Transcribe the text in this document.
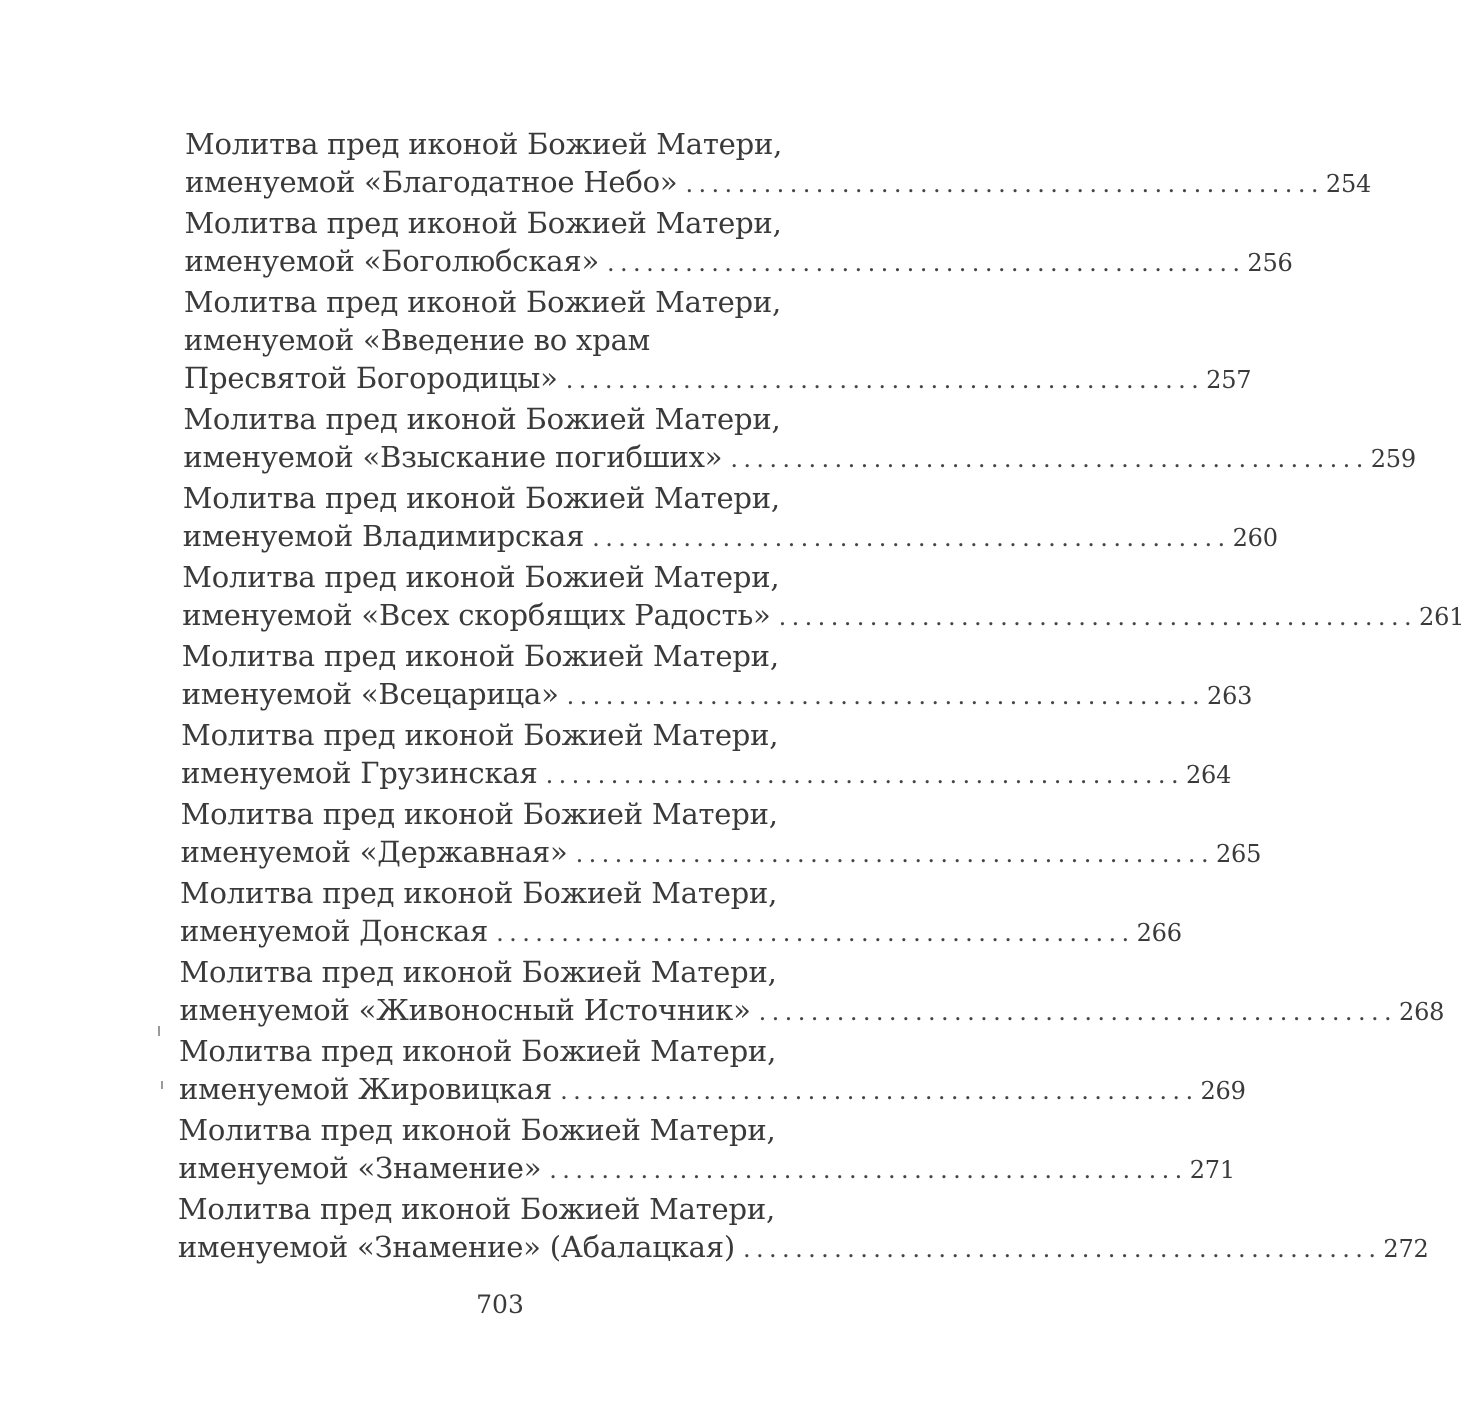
Молитва пред иконой Божией Матери,
именуемой «Благодатное Небо» ................................................. 254
Молитва пред иконой Божией Матери,
именуемой «Боголюбская» ................................................. 256
Молитва пред иконой Божией Матери,
именуемой «Введение во храм
Пресвятой Богородицы» ................................................. 257
Молитва пред иконой Божией Матери,
именуемой «Взыскание погибших» ................................................. 259
Молитва пред иконой Божией Матери,
именуемой Владимирская ................................................. 260
Молитва пред иконой Божией Матери,
именуемой «Всех скорбящих Радость» ................................................. 261
Молитва пред иконой Божией Матери,
именуемой «Всецарица» ................................................. 263
Молитва пред иконой Божией Матери,
именуемой Грузинская ................................................. 264
Молитва пред иконой Божией Матери,
именуемой «Державная» ................................................. 265
Молитва пред иконой Божией Матери,
именуемой Донская ................................................. 266
Молитва пред иконой Божией Матери,
именуемой «Живоносный Источник» ................................................. 268
Молитва пред иконой Божией Матери,
именуемой Жировицкая ................................................. 269
Молитва пред иконой Божией Матери,
именуемой «Знамение» ................................................. 271
Молитва пред иконой Божией Матери,
именуемой «Знамение» (Абалацкая) ................................................. 272
703
